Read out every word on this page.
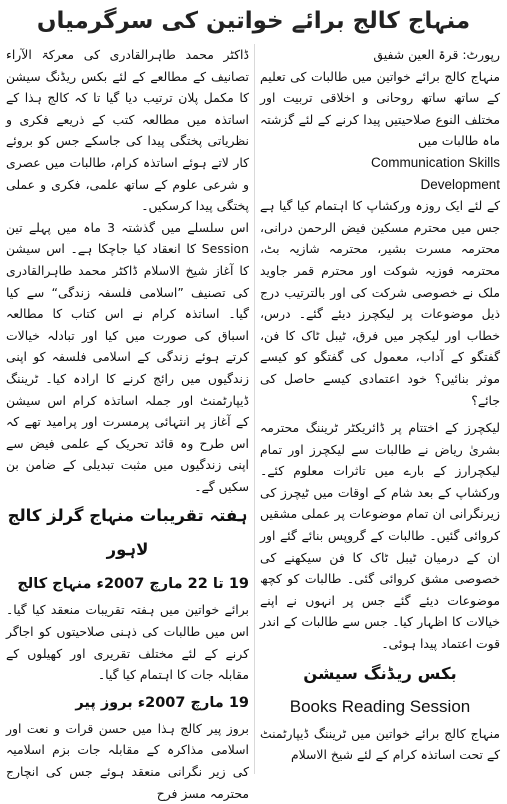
منہاج کالج برائے خواتین کی سرگرمیاں

رپورٹ: قرۃ العین شفیق

منہاج کالج برائے خواتین میں طالبات کی تعلیم کے ساتھ ساتھ روحانی و اخلاقی تربیت اور مختلف النوع صلاحیتیں پیدا کرنے کے لئے گزشتہ ماہ طالبات میں

Communication Skills
Development

کے لئے ایک روزہ ورکشاپ کا اہتمام کیا گیا ہے جس میں محترم مسکین فیض الرحمن درانی، محترمہ مسرت بشیر، محترمہ شازیہ بٹ، محترمہ فوزیہ شوکت اور محترم قمر جاوید ملک نے خصوصی شرکت کی اور بالترتیب درج ذیل موضوعات پر لیکچرز دیئے گئے۔ درس، خطاب اور لیکچر میں فرق، ٹیبل ٹاک کا فن، گفتگو کے آداب، معمول کی گفتگو کو کیسے موثر بنائیں؟ خود اعتمادی کیسے حاصل کی جائے؟

لیکچرز کے اختتام پر ڈائریکٹر ٹریننگ محترمہ بشریٰ ریاض نے طالبات سے لیکچرز اور تمام لیکچرارز کے بارے میں تاثرات معلوم کئے۔ ورکشاپ کے بعد شام کے اوقات میں ٹیچرز کی زیرنگرانی ان تمام موضوعات پر عملی مشقیں کروائی گئیں۔ طالبات کے گروپس بنائے گئے اور ان کے درمیان ٹیبل ٹاک کا فن سیکھنے کی خصوصی مشق کروائی گئی۔ طالبات کو کچھ موضوعات دیئے گئے جس پر انہوں نے اپنے خیالات کا اظہار کیا۔ جس سے طالبات کے اندر قوت اعتماد پیدا ہوئی۔

بکس ریڈنگ سیشن
Books Reading Session

منہاج کالج برائے خواتین میں ٹریننگ ڈیپارٹمنٹ کے تحت اساتذہ کرام کے لئے شیخ الاسلام

ڈاکٹر محمد طاہرالقادری کی معرکۃ الآراء تصانیف کے مطالعے کے لئے بکس ریڈنگ سیشن کا مکمل پلان ترتیب دیا گیا تا کہ کالج ہذا کے اساتذہ میں مطالعہ کتب کے ذریعے فکری و نظریاتی پختگی پیدا کی جاسکے جس کو بروئے کار لاتے ہوئے اساتذہ کرام، طالبات میں عصری و شرعی علوم کے ساتھ علمی، فکری و عملی پختگی پیدا کرسکیں۔

اس سلسلے میں گذشتہ 3 ماہ میں پہلے تین Session کا انعقاد کیا جاچکا ہے۔ اس سیشن کا آغاز شیخ الاسلام ڈاکٹر محمد طاہرالقادری کی تصنیف ”اسلامی فلسفہ زندگی“ سے کیا گیا۔ اساتذہ کرام نے اس کتاب کا مطالعہ اسباق کی صورت میں کیا اور تبادلہ خیالات کرتے ہوئے زندگی کے اسلامی فلسفہ کو اپنی زندگیوں میں رائج کرنے کا ارادہ کیا۔ ٹریننگ ڈیپارٹمنٹ اور جملہ اساتذہ کرام اس سیشن کے آغاز پر انتہائی پرمسرت اور پرامید تھے کہ اس طرح وہ قائد تحریک کے علمی فیض سے اپنی زندگیوں میں مثبت تبدیلی کے ضامن بن سکیں گے۔

ہفتہ تقریبات منہاج گرلز کالج لاہور
19 تا 22 مارچ 2007ء منہاج کالج

برائے خواتین میں ہفتہ تقریبات منعقد کیا گیا۔ اس میں طالبات کی ذہنی صلاحیتوں کو اجاگر کرنے کے لئے مختلف تقریری اور کھیلوں کے مقابلہ جات کا اہتمام کیا گیا۔

19 مارچ 2007ء بروز پیر

بروز پیر کالج ہذا میں حسن قرات و نعت اور اسلامی مذاکرہ کے مقابلہ جات بزم اسلامیہ کی زیر نگرانی منعقد ہوئے جس کی انچارج محترمہ مسز فرح
